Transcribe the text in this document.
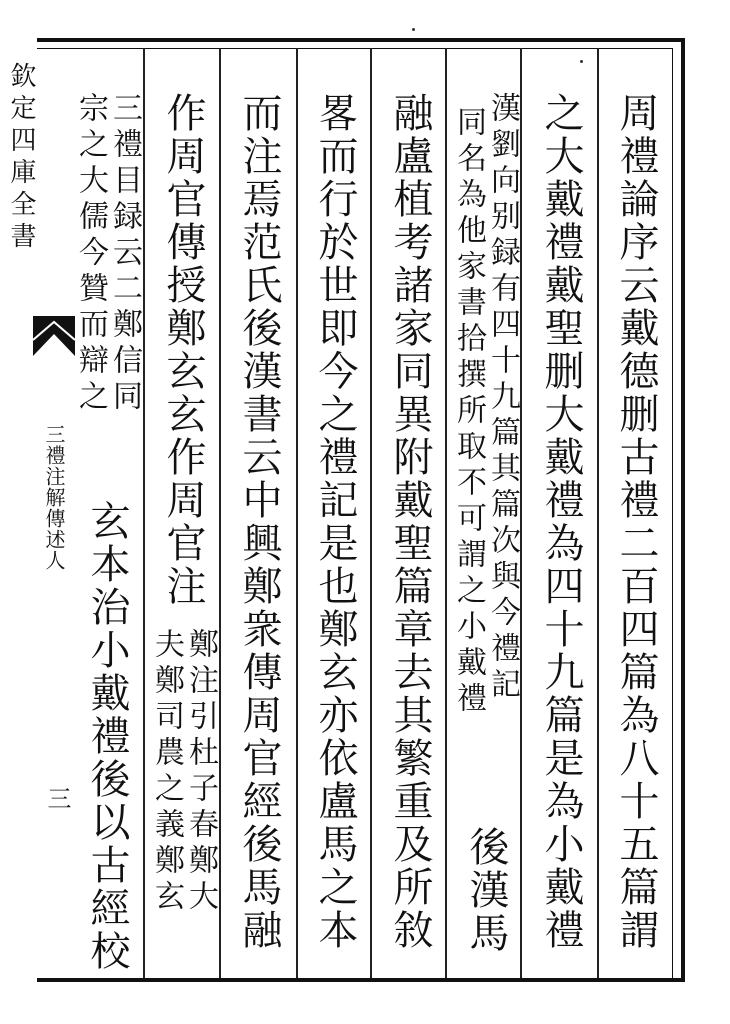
欽定四庫全書
三禮注解傳述人
三	周禮論序云戴德删古禮二百四篇為八十五篇謂
之大戴禮戴聖删大戴禮為四十九篇是為小戴禮
漢劉向别録有四十九篇其篇次與今禮記
同名為他家書拾撰所取不可謂之小戴禮
後漢馬
融盧植考諸家同異附戴聖篇章去其繁重及所敘
畧而行於世即今之禮記是也鄭玄亦依盧馬之本
而注焉范氏後漢書云中興鄭衆傳周官經後馬融
作周官傳授鄭玄玄作周官注
鄭注引杜子春鄭大
夫鄭司農之義鄭玄
三禮目録云二鄭信同
宗之大儒今贊而辯之
玄本治小戴禮後以古經校
